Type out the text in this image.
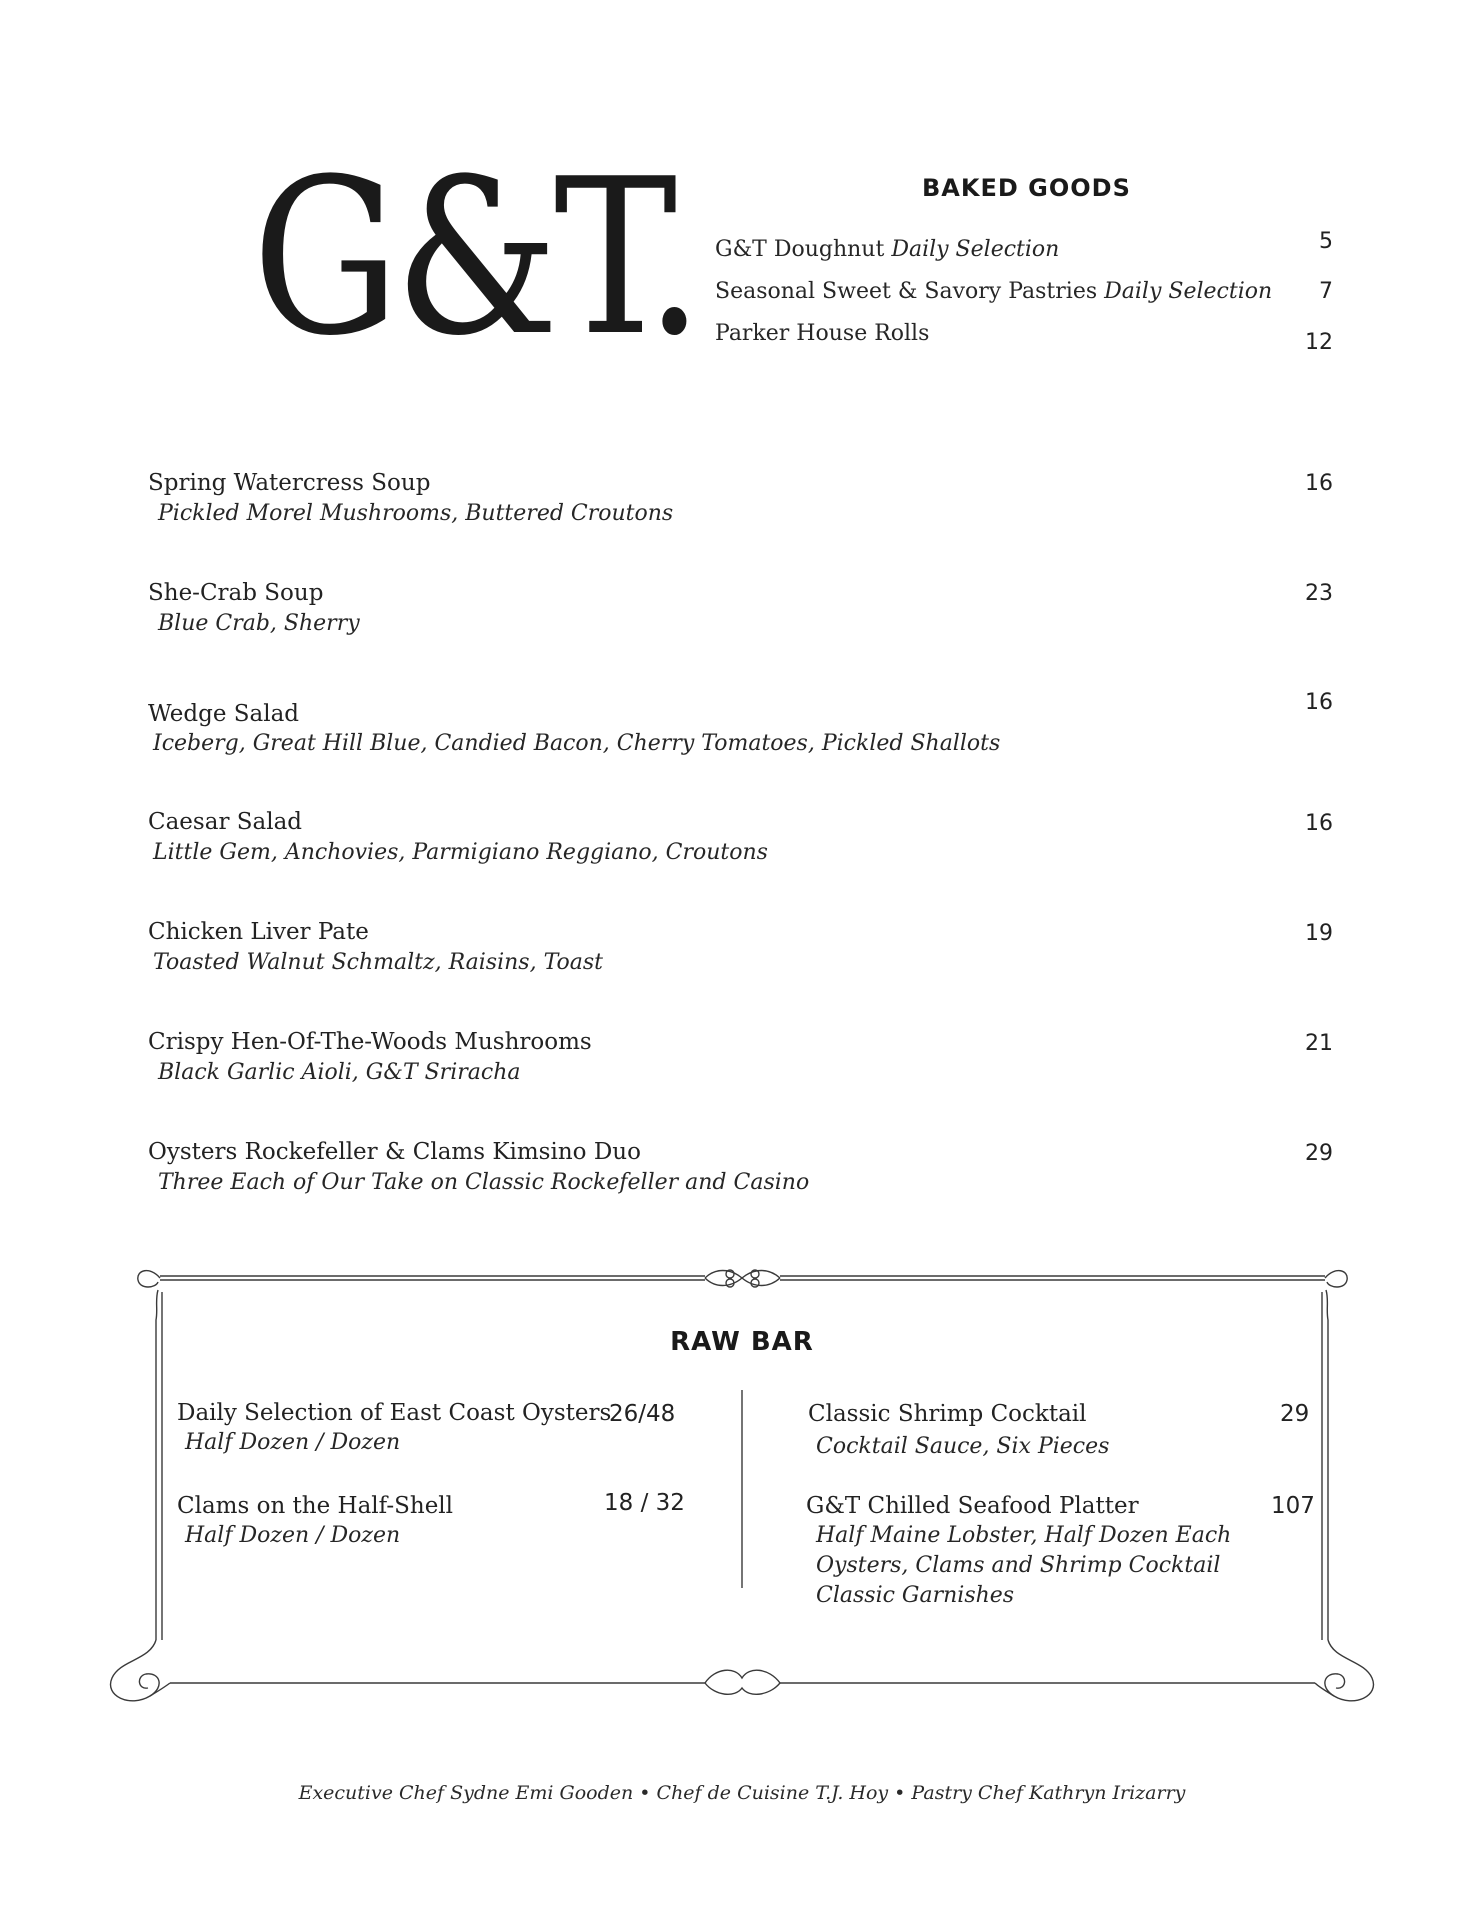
G&T.	BAKED GOODS
G&T Doughnut Daily Selection	5
Seasonal Sweet & Savory Pastries Daily Selection	7
Parker House Rolls	12
Spring Watercress Soup
Pickled Morel Mushrooms, Buttered Croutons
16
She-Crab Soup
Blue Crab, Sherry
23
Wedge Salad
Iceberg, Great Hill Blue, Candied Bacon, Cherry Tomatoes, Pickled Shallots
16
Caesar Salad
Little Gem, Anchovies, Parmigiano Reggiano, Croutons
16
Chicken Liver Pate
Toasted Walnut Schmaltz, Raisins, Toast
19
Crispy Hen-Of-The-Woods Mushrooms
Black Garlic Aioli, G&T Sriracha
21
Oysters Rockefeller & Clams Kimsino Duo
Three Each of Our Take on Classic Rockefeller and Casino
29
RAW BAR
Daily Selection of East Coast Oysters
Half Dozen / Dozen
26/48
Clams on the Half-Shell
Half Dozen / Dozen
18 / 32
Classic Shrimp Cocktail
Cocktail Sauce, Six Pieces
29
G&T Chilled Seafood Platter
Half Maine Lobster, Half Dozen Each
Oysters, Clams and Shrimp Cocktail
Classic Garnishes
107
Executive Chef Sydne Emi Gooden • Chef de Cuisine T.J. Hoy • Pastry Chef Kathryn Irizarry
